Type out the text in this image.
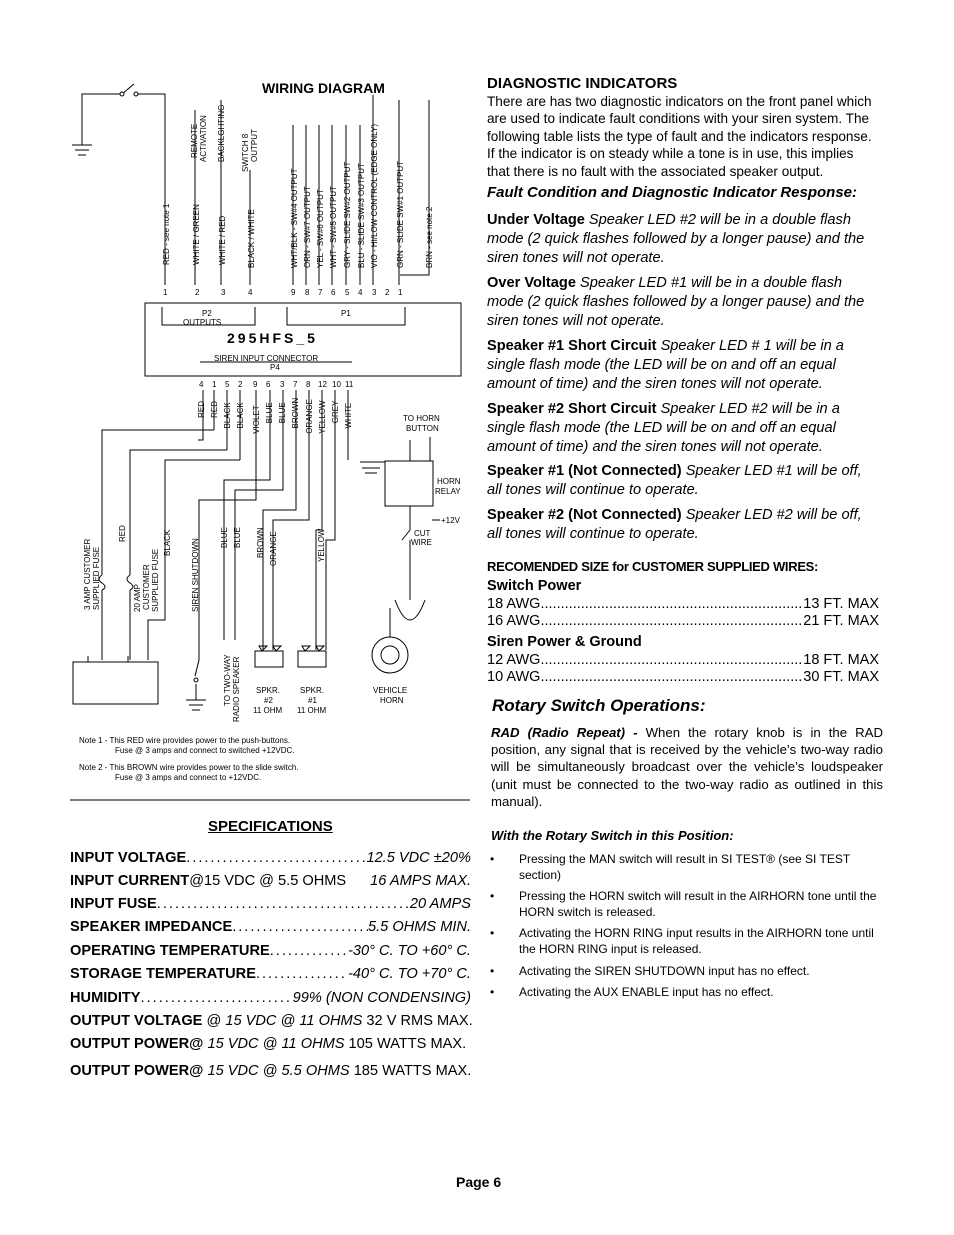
WIRING DIAGRAM
295HFS_5
P2
OUTPUTS
P1
SIREN INPUT CONNECTOR
P4
1	2	3	4	9 8 7 6 5 4 3 2 1
4 1 5 2 9 6 3 7 8 12 10 11
12V BATTERY
+	−
TO HORN
BUTTON
HORN
RELAY
+12V
CUT
WIRE
SPKR.
#2
11 OHM
SPKR.
#1
11 OHM
VEHICLE
HORN
Note 1 - This RED wire provides power to the push-buttons.
Fuse @ 3 amps and connect to switched +12VDC.
Note 2 - This BROWN wire provides power to the slide switch.
Fuse @ 3 amps and connect to +12VDC.
3 AMP CUSTOMER SUPPLIED FUSE	20 AMP CUSTOMER SUPPLIED FUSE
RED	BLACK SIREN SHUTDOWN
BLUE BLUE BROWN ORANGE	YELLOW
TO TWO-WAY RADIO SPEAKER
REMOTE ACTIVATION BACKLGHTING SWITCH 8 OUTPUT
RED - see note 1	WHITE / GREEN WHITE / RED	BLACK / WHITE	WHT/BLK - SW#4 OUTPUT ORN - SW#7 OUTPUT YEL - SW#6 OUTPUT WHT - SW#5 OUTPUT GRY - SLIDE SW#2 OUTPUT BLU - SLIDE SW#3 OUTPUT VIO - HI/LOW CONTROL (EDGE ONLY) GRN - SLIDE SW#1 OUTPUT	BRN - see note 2
RED RED BLACK BLACK VIOLET BLUE BLUE BROWN ORANGE YELLOW GREY WHITE
SPECIFICATIONS
INPUT VOLTAGE .....	12.5 VDC ±20%
INPUT CURRENT @15 VDC @ 5.5 OHMS	16 AMPS MAX.
INPUT FUSE .....	20 AMPS
SPEAKER IMPEDANCE .....	5.5 OHMS MIN.
OPERATING TEMPERATURE .....	-30° C. TO +60° C.
STORAGE TEMPERATURE .....	-40° C. TO +70° C.
HUMIDITY .....	99% (NON CONDENSING)
OUTPUT VOLTAGE @ 15 VDC @ 11 OHMS 32 V RMS MAX.
OUTPUT POWER@ 15 VDC @ 11 OHMS 105 WATTS MAX.
OUTPUT POWER@ 15 VDC @ 5.5 OHMS 185 WATTS MAX.
DIAGNOSTIC INDICATORS
There are has two diagnostic indicators on the front panel which are used to indicate fault conditions with your siren system. The following table lists the type of fault and the indicators response. If the indicator is on steady while a tone is in use, this implies that there is no fault with the associated speaker output.
Fault Condition and Diagnostic Indicator Response:
Under Voltage Speaker LED #2 will be in a double flash mode (2 quick flashes followed by a longer pause) and the siren tones will not operate.
Over Voltage Speaker LED #1 will be in a double flash mode (2 quick flashes followed by a longer pause) and the siren tones will not operate.
Speaker #1 Short Circuit Speaker LED # 1 will be in a single flash mode (the LED will be on and off an equal amount of time) and the siren tones will not operate.
Speaker #2 Short Circuit Speaker LED #2 will be in a single flash mode (the LED will be on and off an equal amount of time) and the siren tones will not operate.
Speaker #1 (Not Connected) Speaker LED #1 will be off, all tones will continue to operate.
Speaker #2 (Not Connected) Speaker LED #2 will be off, all tones will continue to operate.
RECOMENDED SIZE for CUSTOMER SUPPLIED WIRES:
Switch Power
18 AWG .....	13 FT. MAX
16 AWG .....	21 FT. MAX
Siren Power & Ground
12 AWG .....	18 FT. MAX
10 AWG .....	30 FT. MAX
Rotary Switch Operations:
RAD (Radio Repeat) - When the rotary knob is in the RAD position, any signal that is received by the vehicle’s two-way radio will be simultaneously broadcast over the vehicle’s loudspeaker (unit must be connected to the two-way radio as outlined in this manual).
With the Rotary Switch in this Position:
• Pressing the MAN switch will result in SI TEST® (see SI TEST section)
• Pressing the HORN switch will result in the AIRHORN tone until the HORN switch is released.
• Activating the HORN RING input results in the AIRHORN tone until the HORN RING input is released.
• Activating the SIREN SHUTDOWN input has no effect.
• Activating the AUX ENABLE input has no effect.
Page 6
